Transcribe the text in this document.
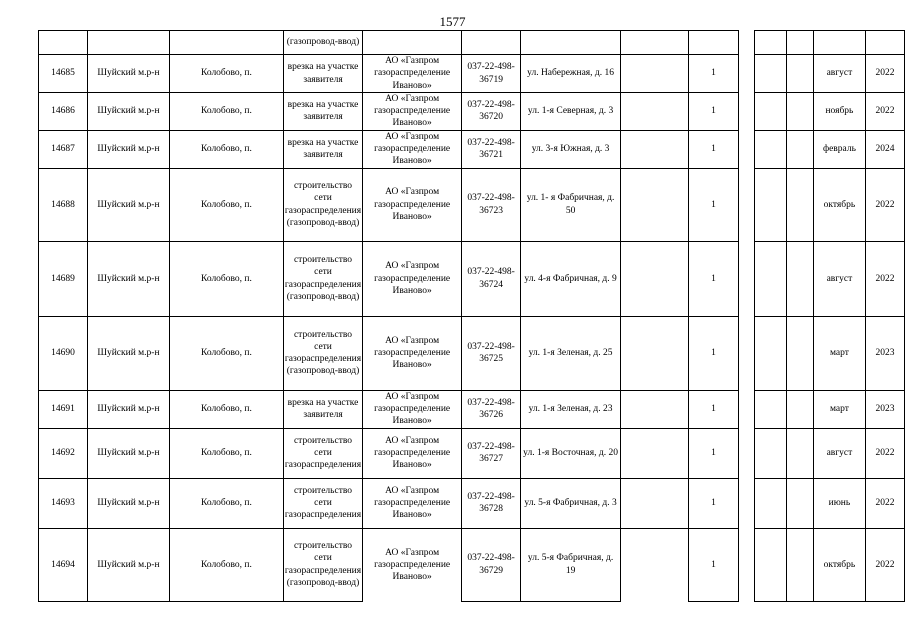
1577
			(газопровод-ввод)										
14685	Шуйский м.р-н	Колобово, п.	врезка на участке заявителя	АО «Газпром газораспределение Иваново»	037-22-498-36719	ул. Набережная, д. 16		1				август	2022
14686	Шуйский м.р-н	Колобово, п.	врезка на участке заявителя	АО «Газпром газораспределение Иваново»	037-22-498-36720	ул. 1-я Северная, д. 3		1				ноябрь	2022
14687	Шуйский м.р-н	Колобово, п.	врезка на участке заявителя	АО «Газпром газораспределение Иваново»	037-22-498-36721	ул. 3-я Южная, д. 3		1				февраль	2024
14688	Шуйский м.р-н	Колобово, п.	строительство сети газораспределения (газопровод-ввод)	АО «Газпром газораспределение Иваново»	037-22-498-36723	ул. 1- я Фабричная, д. 50		1				октябрь	2022
14689	Шуйский м.р-н	Колобово, п.	строительство сети газораспределения (газопровод-ввод)	АО «Газпром газораспределение Иваново»	037-22-498-36724	ул. 4-я Фабричная, д. 9		1				август	2022
14690	Шуйский м.р-н	Колобово, п.	строительство сети газораспределения (газопровод-ввод)	АО «Газпром газораспределение Иваново»	037-22-498-36725	ул. 1-я Зеленая, д. 25		1				март	2023
14691	Шуйский м.р-н	Колобово, п.	врезка на участке заявителя	АО «Газпром газораспределение Иваново»	037-22-498-36726	ул. 1-я Зеленая, д. 23		1				март	2023
14692	Шуйский м.р-н	Колобово, п.	строительство сети газораспределения	АО «Газпром газораспределение Иваново»	037-22-498-36727	ул. 1-я Восточная, д. 20		1				август	2022
14693	Шуйский м.р-н	Колобово, п.	строительство сети газораспределения	АО «Газпром газораспределение Иваново»	037-22-498-36728	ул. 5-я Фабричная, д. 3		1				июнь	2022
14694	Шуйский м.р-н	Колобово, п.	строительство сети газораспределения (газопровод-ввод)	АО «Газпром газораспределение Иваново»	037-22-498-36729	ул. 5-я Фабричная, д. 19		1				октябрь	2022
